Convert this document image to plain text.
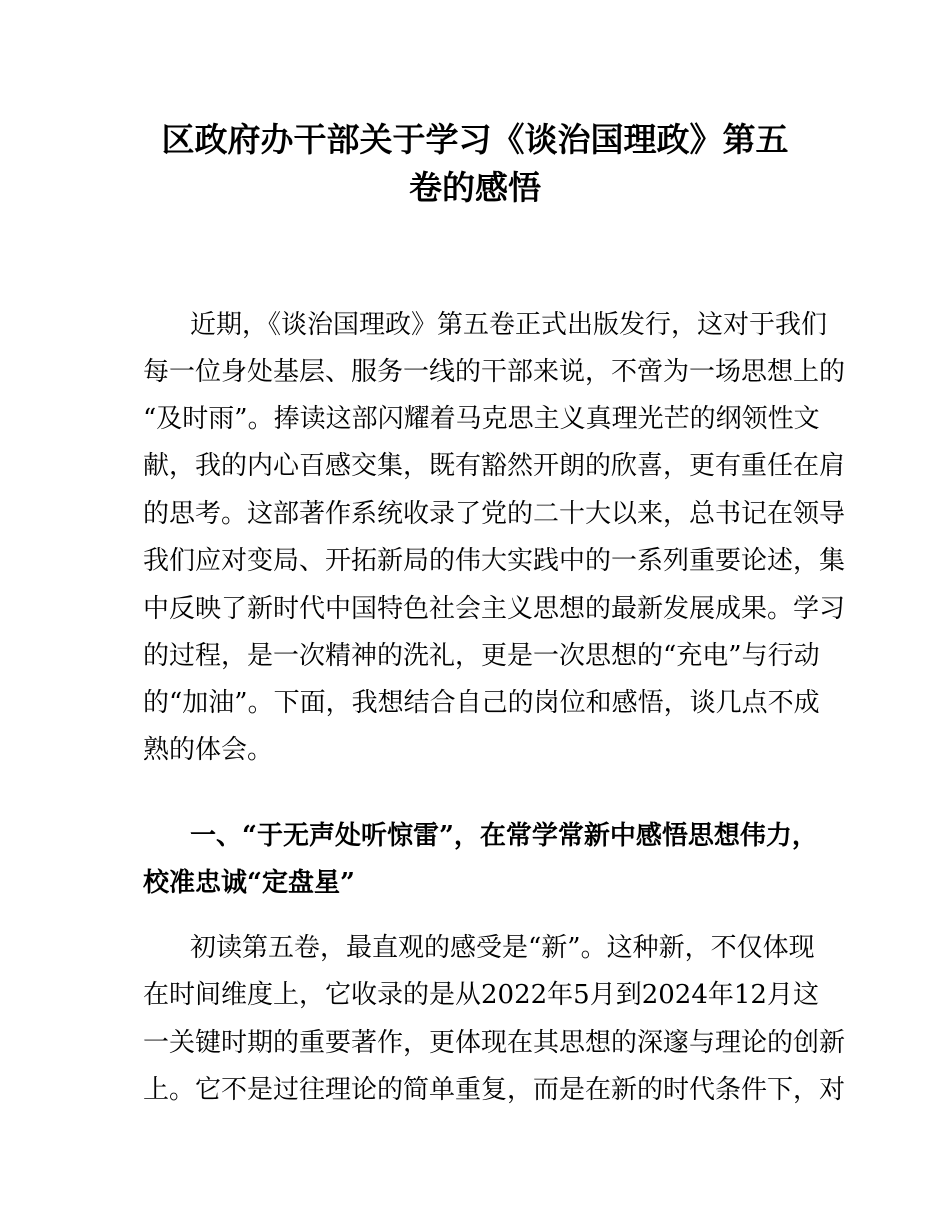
区政府办干部关于学习《谈治国理政》第五
卷的感悟
近期，《谈治国理政》第五卷正式出版发行，这对于我们
每一位身处基层、服务一线的干部来说，不啻为一场思想上的
“及时雨”。捧读这部闪耀着马克思主义真理光芒的纲领性文
献，我的内心百感交集，既有豁然开朗的欣喜，更有重任在肩
的思考。这部著作系统收录了党的二十大以来，总书记在领导
我们应对变局、开拓新局的伟大实践中的一系列重要论述，集
中反映了新时代中国特色社会主义思想的最新发展成果。学习
的过程，是一次精神的洗礼，更是一次思想的“充电”与行动
的“加油”。下面，我想结合自己的岗位和感悟，谈几点不成
熟的体会。
一、“于无声处听惊雷”，在常学常新中感悟思想伟力，
校准忠诚“定盘星”
初读第五卷，最直观的感受是“新”。这种新，不仅体现
在时间维度上，它收录的是从2022年5月到2024年12月这
一关键时期的重要著作，更体现在其思想的深邃与理论的创新
上。它不是过往理论的简单重复，而是在新的时代条件下，对
